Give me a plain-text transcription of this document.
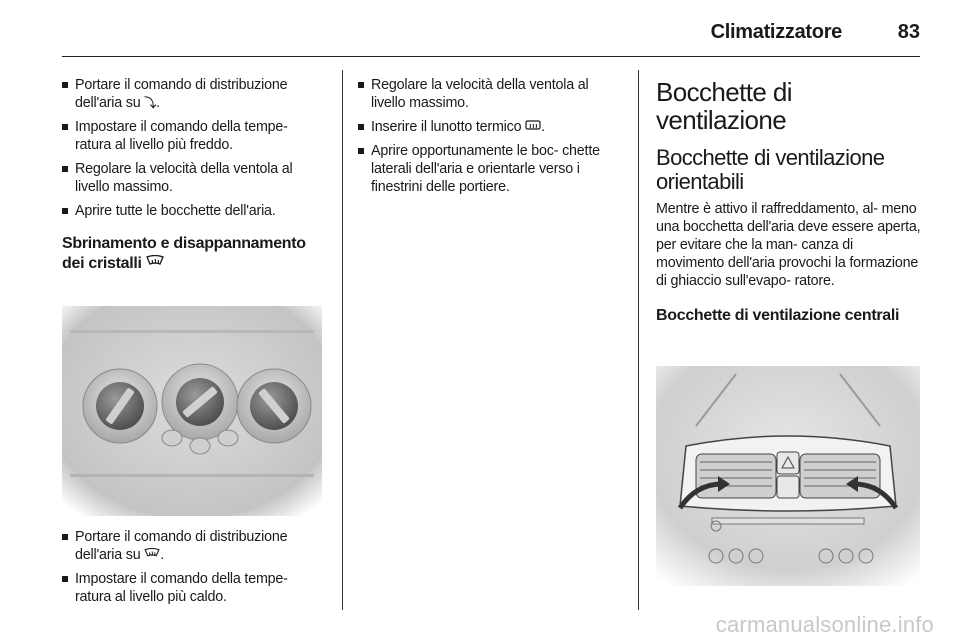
Climatizzatore	83
Portare il comando di distribuzione dell'aria su ⤵.
Impostare il comando della tempe- ratura al livello più freddo.
Regolare la velocità della ventola al livello massimo.
Aprire tutte le bocchette dell'aria.
Sbrinamento e disappannamento dei cristalli
Portare il comando di distribuzione dell'aria su .
Impostare il comando della tempe- ratura al livello più caldo.
Regolare la velocità della ventola al livello massimo.
Inserire il lunotto termico .
Aprire opportunamente le boc- chette laterali dell'aria e orientarle verso i finestrini delle portiere.
Bocchette di ventilazione
Bocchette di ventilazione orientabili

Mentre è attivo il raffreddamento, al- meno una bocchetta dell'aria deve essere aperta, per evitare che la man- canza di movimento dell'aria provochi la formazione di ghiaccio sull'evapo- ratore.

Bocchette di ventilazione centrali
carmanualsonline.info
